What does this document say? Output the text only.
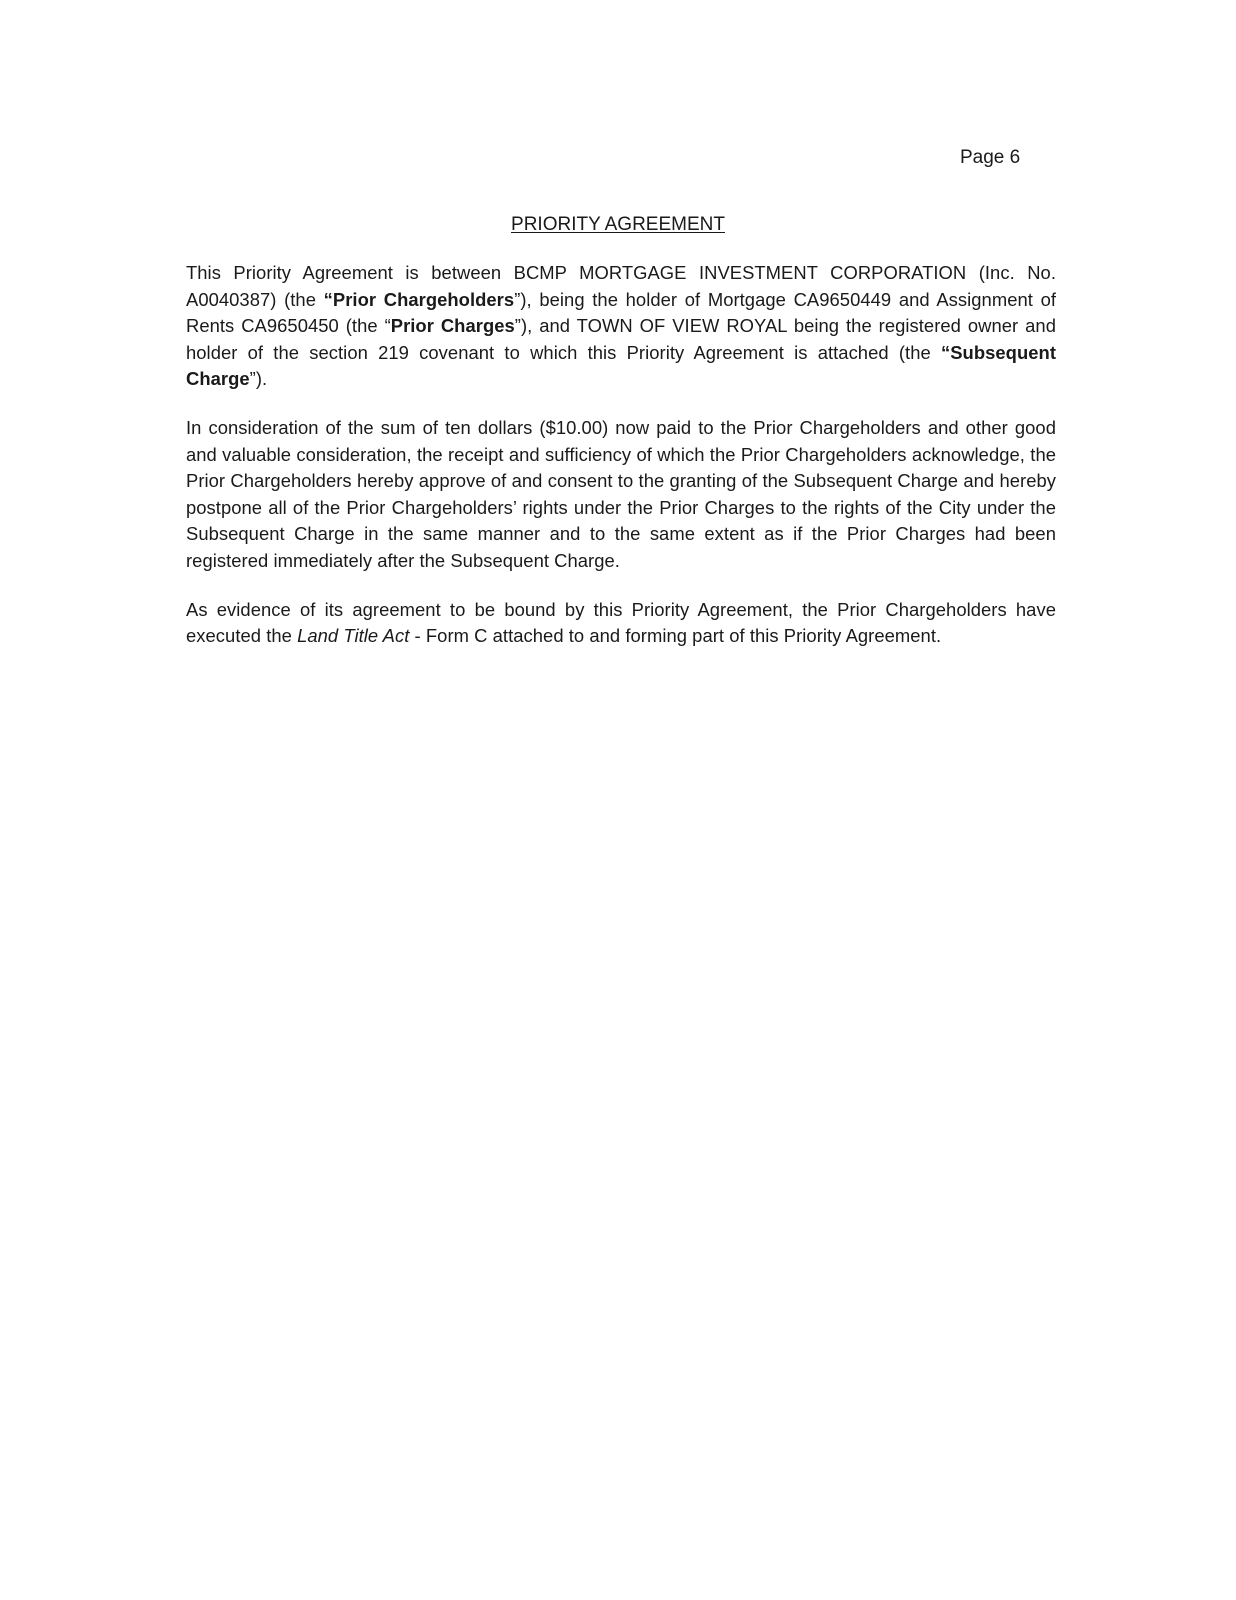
Page 6
PRIORITY AGREEMENT

This Priority Agreement is between BCMP MORTGAGE INVESTMENT CORPORATION (Inc. No. A0040387) (the “Prior Chargeholders”), being the holder of Mortgage CA9650449 and Assignment of Rents CA9650450 (the “Prior Charges”), and TOWN OF VIEW ROYAL being the registered owner and holder of the section 219 covenant to which this Priority Agreement is attached (the “Subsequent Charge”).

In consideration of the sum of ten dollars ($10.00) now paid to the Prior Chargeholders and other good and valuable consideration, the receipt and sufficiency of which the Prior Chargeholders acknowledge, the Prior Chargeholders hereby approve of and consent to the granting of the Subsequent Charge and hereby postpone all of the Prior Chargeholders’ rights under the Prior Charges to the rights of the City under the Subsequent Charge in the same manner and to the same extent as if the Prior Charges had been registered immediately after the Subsequent Charge.

As evidence of its agreement to be bound by this Priority Agreement, the Prior Chargeholders have executed the Land Title Act - Form C attached to and forming part of this Priority Agreement.
